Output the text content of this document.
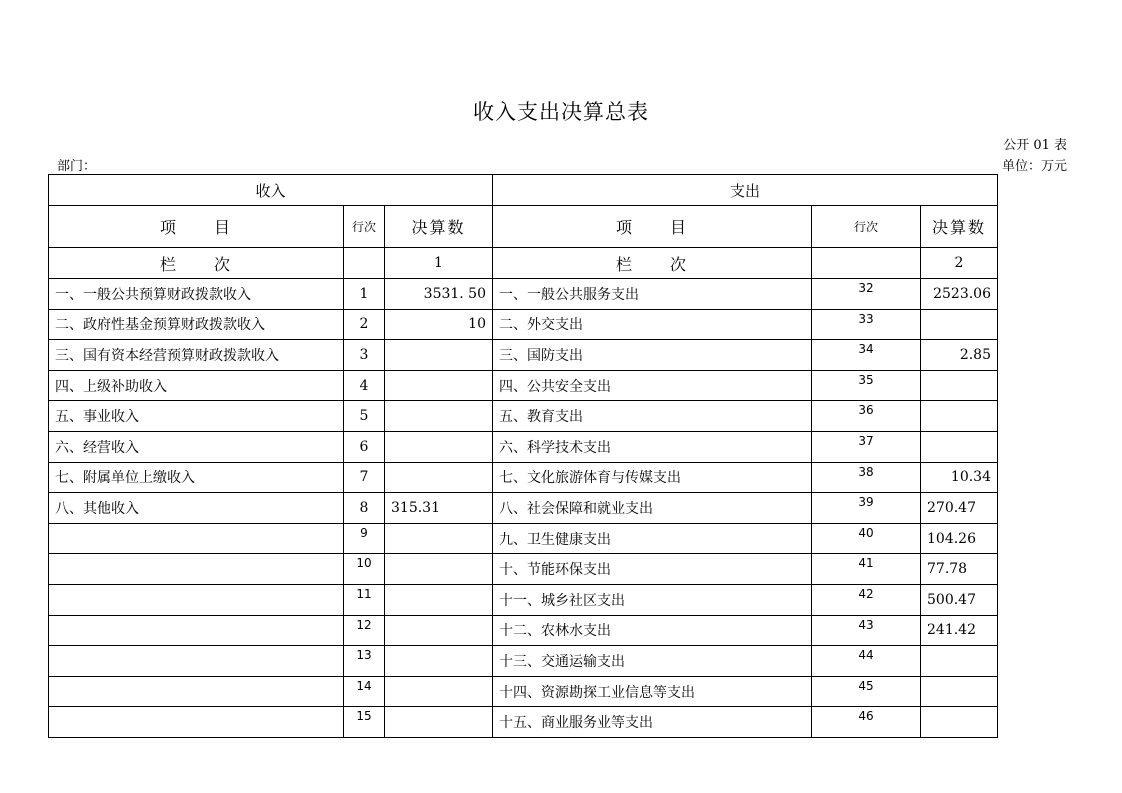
收入支出决算总表
公开 01 表
单位：万元
部门：
收入			支出		
项　　目	行次	决算数	项　　目	行次	决算数
栏　　次		1	栏　　次		2
一、一般公共预算财政拨款收入	1	3531. 50	一、一般公共服务支出	32	2523.06
二、政府性基金预算财政拨款收入	2	10	二、外交支出	33	
三、国有资本经营预算财政拨款收入	3		三、国防支出	34	2.85
四、上级补助收入	4		四、公共安全支出	35	
五、事业收入	5		五、教育支出	36	
六、经营收入	6		六、科学技术支出	37	
七、附属单位上缴收入	7		七、文化旅游体育与传媒支出	38	10.34
八、其他收入	8	315.31	八、社会保障和就业支出	39	270.47
	9		九、卫生健康支出	40	104.26
	10		十、节能环保支出	41	77.78
	11		十一、城乡社区支出	42	500.47
	12		十二、农林水支出	43	241.42
	13		十三、交通运输支出	44	
	14		十四、资源勘探工业信息等支出	45	
	15		十五、商业服务业等支出	46	
